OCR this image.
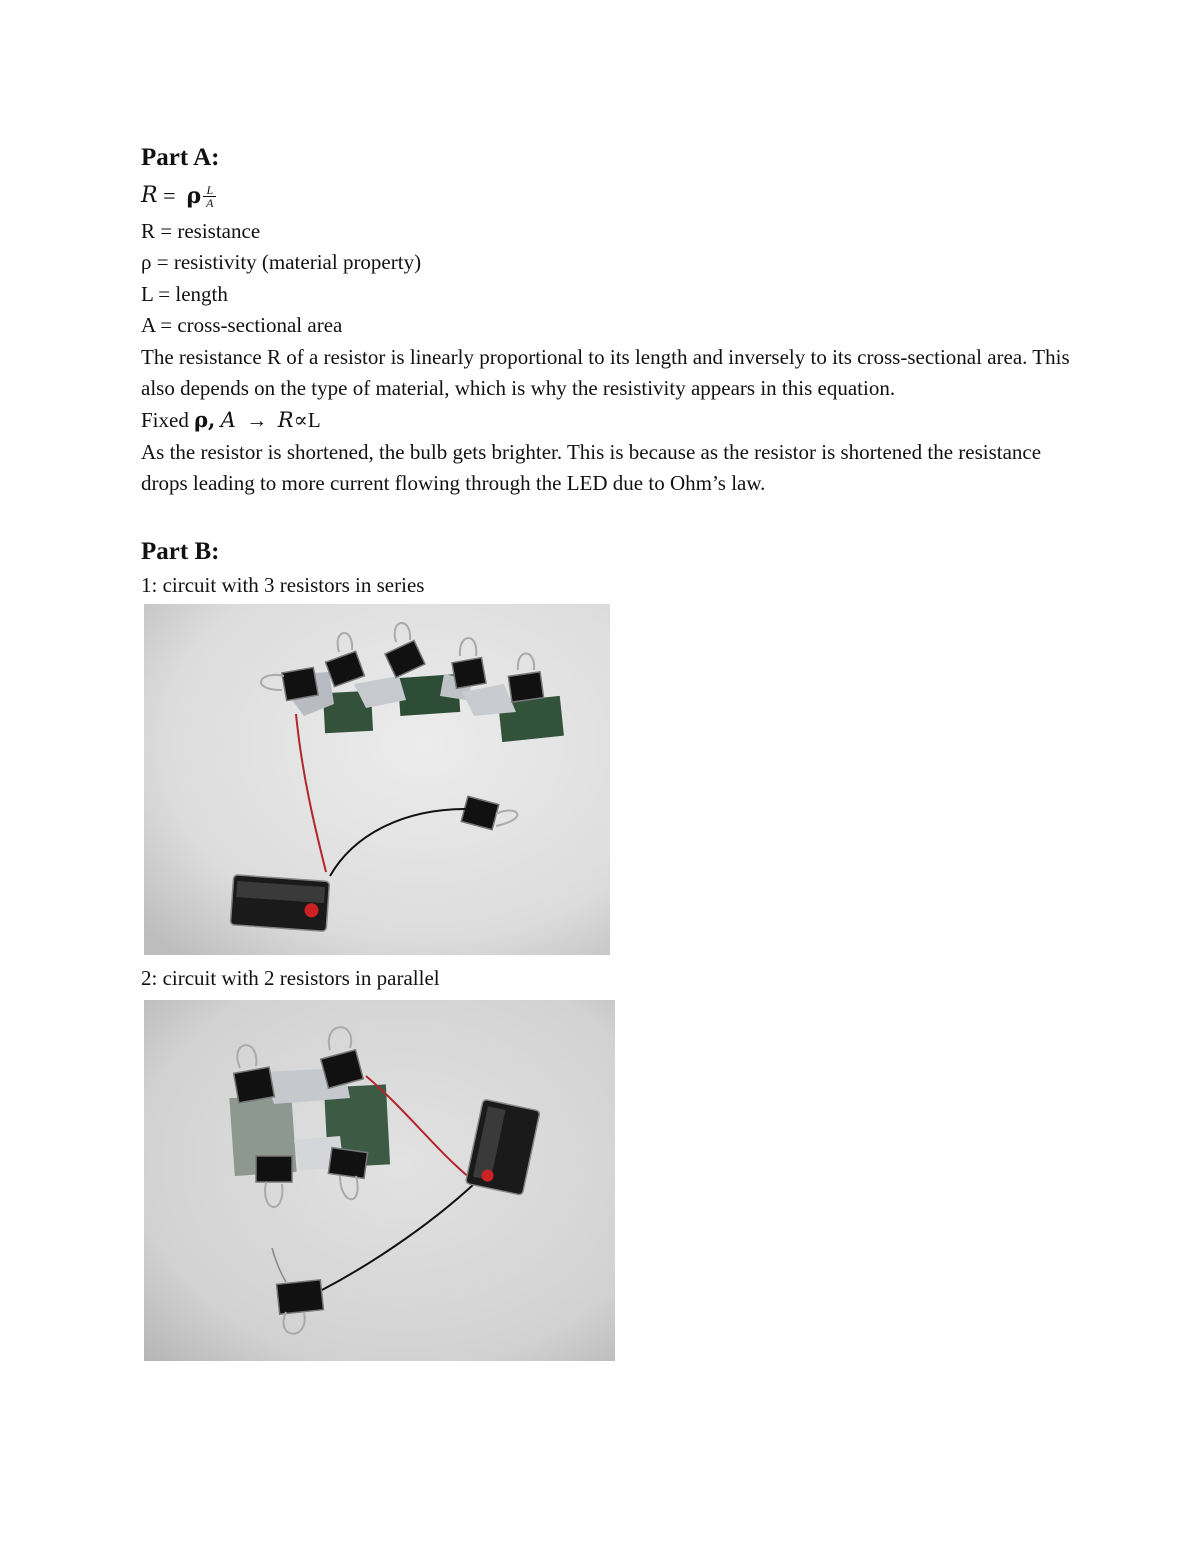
Part A:

R
=
ρ $\frac{L}{A}$

R = resistance

ρ = resistivity (material property)

L = length

A = cross-sectional area

The resistance R of a resistor is linearly proportional to its length and inversely to its cross-sectional area. This also depends on the type of material, which is why the resistivity appears in this equation.

Fixed ρ, A → R∝L

As the resistor is shortened, the bulb gets brighter. This is because as the resistor is shortened the resistance drops leading to more current flowing through the LED due to Ohm’s law.

Part B:

1: circuit with 3 resistors in series

2: circuit with 2 resistors in parallel
